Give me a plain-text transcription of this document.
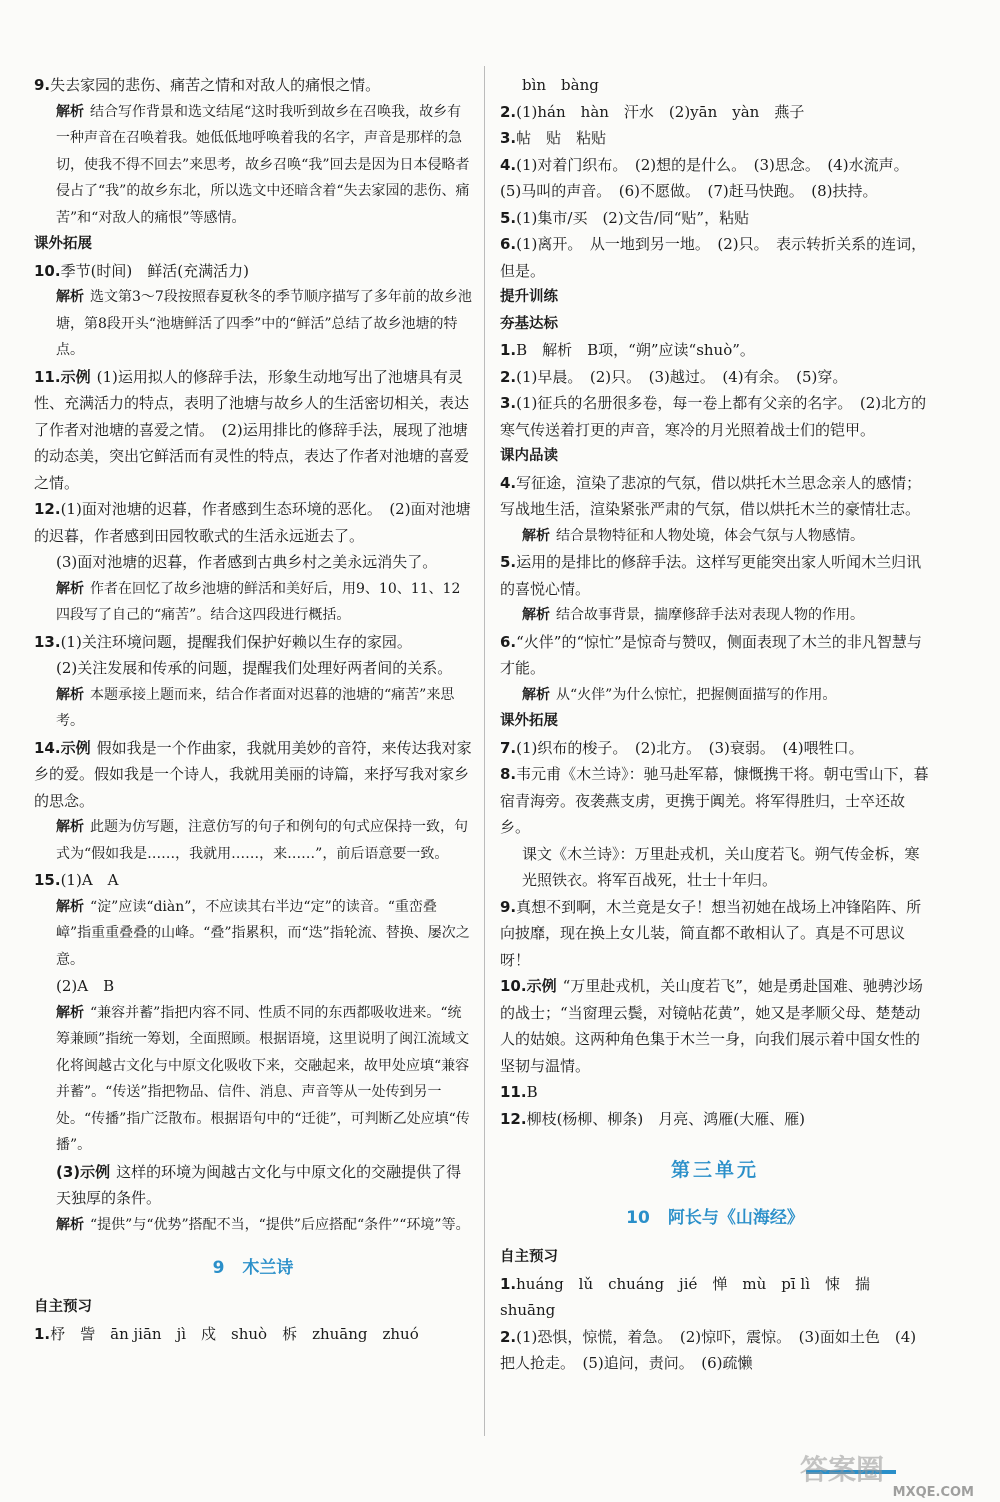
9.失去家园的悲伤、痛苦之情和对敌人的痛恨之情。

解析 结合写作背景和选文结尾“这时我听到故乡在召唤我，故乡有一种声音在召唤着我。她低低地呼唤着我的名字，声音是那样的急切，使我不得不回去”来思考，故乡召唤“我”回去是因为日本侵略者侵占了“我”的故乡东北，所以选文中还暗含着“失去家园的悲伤、痛苦”和“对敌人的痛恨”等感情。

课外拓展

10.季节(时间)　鲜活(充满活力)

解析 选文第3～7段按照春夏秋冬的季节顺序描写了多年前的故乡池塘，第8段开头“池塘鲜活了四季”中的“鲜活”总结了故乡池塘的特点。

11.示例 (1)运用拟人的修辞手法，形象生动地写出了池塘具有灵性、充满活力的特点，表明了池塘与故乡人的生活密切相关，表达了作者对池塘的喜爱之情。　(2)运用排比的修辞手法，展现了池塘的动态美，突出它鲜活而有灵性的特点，表达了作者对池塘的喜爱之情。

12.(1)面对池塘的迟暮，作者感到生态环境的恶化。　(2)面对池塘的迟暮，作者感到田园牧歌式的生活永远逝去了。

(3)面对池塘的迟暮，作者感到古典乡村之美永远消失了。

解析 作者在回忆了故乡池塘的鲜活和美好后，用9、10、11、12四段写了自己的“痛苦”。结合这四段进行概括。

13.(1)关注环境问题，提醒我们保护好赖以生存的家园。

(2)关注发展和传承的问题，提醒我们处理好两者间的关系。

解析 本题承接上题而来，结合作者面对迟暮的池塘的“痛苦”来思考。

14.示例 假如我是一个作曲家，我就用美妙的音符，来传达我对家乡的爱。假如我是一个诗人，我就用美丽的诗篇，来抒写我对家乡的思念。

解析 此题为仿写题，注意仿写的句子和例句的句式应保持一致，句式为“假如我是……，我就用……，来……”，前后语意要一致。

15.(1)A　A

解析 “淀”应读“diàn”，不应读其右半边“定”的读音。“重峦叠嶂”指重重叠叠的山峰。“叠”指累积，而“迭”指轮流、替换、屡次之意。

(2)A　B

解析 “兼容并蓄”指把内容不同、性质不同的东西都吸收进来。“统筹兼顾”指统一筹划，全面照顾。根据语境，这里说明了闽江流域文化将闽越古文化与中原文化吸收下来，交融起来，故甲处应填“兼容并蓄”。“传送”指把物品、信件、消息、声音等从一处传到另一处。“传播”指广泛散布。根据语句中的“迁徙”，可判断乙处应填“传播”。

(3)示例 这样的环境为闽越古文化与中原文化的交融提供了得天独厚的条件。

解析 “提供”与“优势”搭配不当，“提供”后应搭配“条件”“环境”等。

9 木兰诗
自主预习

1.杼　訾　ān jiān　jì　戍　shuò　柝　zhuāng　zhuó

bìn　bàng

2.(1)hán　hàn　汗水　(2)yān　yàn　燕子

3.帖　贴　粘贴

4.(1)对着门织布。　(2)想的是什么。　(3)思念。　(4)水流声。　(5)马叫的声音。　(6)不愿做。　(7)赶马快跑。　(8)扶持。

5.(1)集市/买　(2)文告/同“贴”，粘贴

6.(1)离开。　从一地到另一地。　(2)只。　表示转折关系的连词，但是。

提升训练
夯基达标

1.B　解析　B项，“朔”应读“shuò”。

2.(1)早晨。　(2)只。　(3)越过。　(4)有余。　(5)穿。

3.(1)征兵的名册很多卷，每一卷上都有父亲的名字。　(2)北方的寒气传送着打更的声音，寒冷的月光照着战士们的铠甲。

课内品读

4.写征途，渲染了悲凉的气氛，借以烘托木兰思念亲人的感情；写战地生活，渲染紧张严肃的气氛，借以烘托木兰的豪情壮志。

解析 结合景物特征和人物处境，体会气氛与人物感情。

5.运用的是排比的修辞手法。这样写更能突出家人听闻木兰归讯的喜悦心情。

解析 结合故事背景，揣摩修辞手法对表现人物的作用。

6.“火伴”的“惊忙”是惊奇与赞叹，侧面表现了木兰的非凡智慧与才能。

解析 从“火伴”为什么惊忙，把握侧面描写的作用。

课外拓展

7.(1)织布的梭子。　(2)北方。　(3)衰弱。　(4)喂牲口。

8.韦元甫《木兰诗》：驰马赴军幕，慷慨携干将。朝屯雪山下，暮宿青海旁。夜袭燕支虏，更携于阗羌。将军得胜归，士卒还故乡。

课文《木兰诗》：万里赴戎机，关山度若飞。朔气传金柝，寒光照铁衣。将军百战死，壮士十年归。

9.真想不到啊，木兰竟是女子！想当初她在战场上冲锋陷阵、所向披靡，现在换上女儿装，简直都不敢相认了。真是不可思议呀！

10.示例 “万里赴戎机，关山度若飞”，她是勇赴国难、驰骋沙场的战士；“当窗理云鬓，对镜帖花黄”，她又是孝顺父母、楚楚动人的姑娘。这两种角色集于木兰一身，向我们展示着中国女性的坚韧与温情。

11.B

12.柳枝(杨柳、柳条)　月亮、鸿雁(大雁、雁)

第三单元
10 阿长与《山海经》
自主预习

1.huáng　lǔ　chuáng　jié　惮　mù　pī lì　悚　揣　shuāng

2.(1)恐惧，惊慌，着急。　(2)惊吓，震惊。　(3)面如土色　(4)把人抢走。　(5)追问，责问。　(6)疏懒

答案圈
MXQE.COM
